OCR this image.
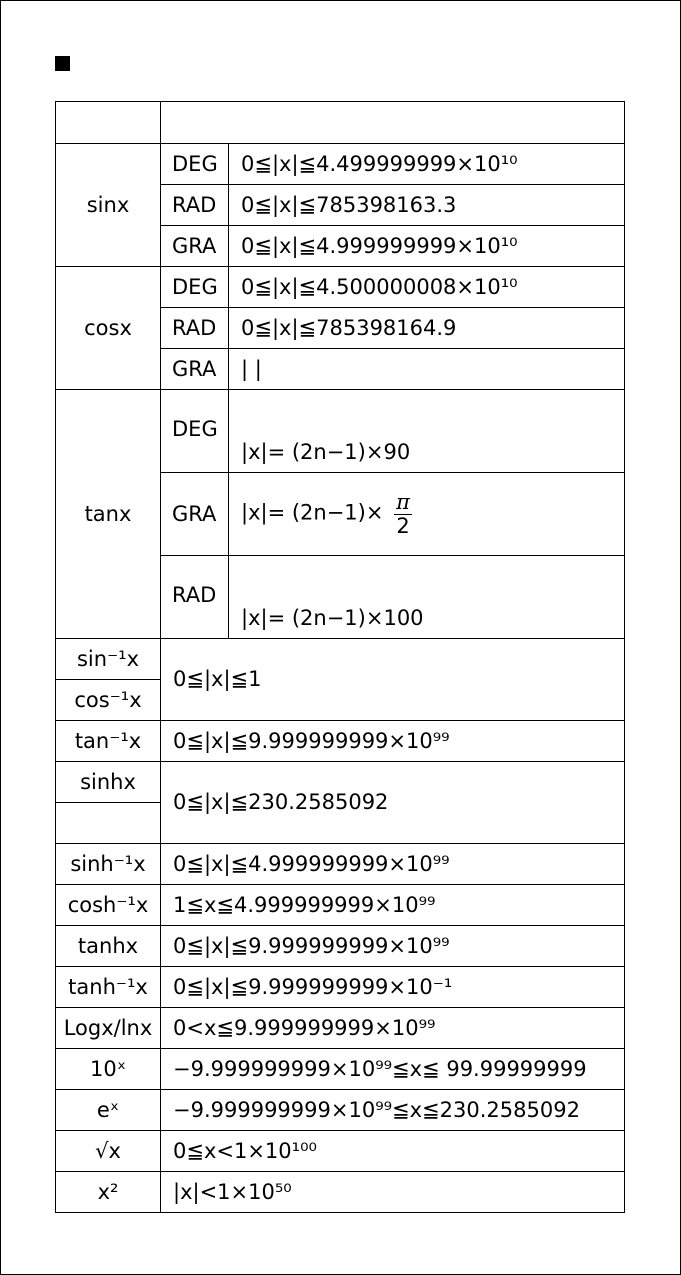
sinx	DEG	0≦|x|≦4.499999999×10¹⁰
	RAD	0≦|x|≦785398163.3
	GRA	0≦|x|≦4.999999999×10¹⁰
cosx	DEG	0≦|x|≦4.500000008×10¹⁰
	RAD	0≦|x|≦785398164.9
	GRA	| |
tanx	DEG	|x|= (2n−1)×90
	GRA	$|x|= (2n-1)\times \frac{\pi}{2}$

	RAD	|x|= (2n−1)×100
sin⁻¹x	0≦|x|≦1	
cos⁻¹x		
tan⁻¹x	0≦|x|≦9.999999999×10⁹⁹	
sinhx	0≦|x|≦230.2585092	

sinh⁻¹x	0≦|x|≦4.999999999×10⁹⁹	
cosh⁻¹x	1≦x≦4.999999999×10⁹⁹	
tanhx	0≦|x|≦9.999999999×10⁹⁹	
tanh⁻¹x	0≦|x|≦9.999999999×10⁻¹	
Logx/lnx	0<x≦9.999999999×10⁹⁹	
10ˣ	−9.999999999×10⁹⁹≦x≦ 99.99999999	
eˣ	−9.999999999×10⁹⁹≦x≦230.2585092	
√x	0≦x<1×10¹⁰⁰	
x²	|x|<1×10⁵⁰	
